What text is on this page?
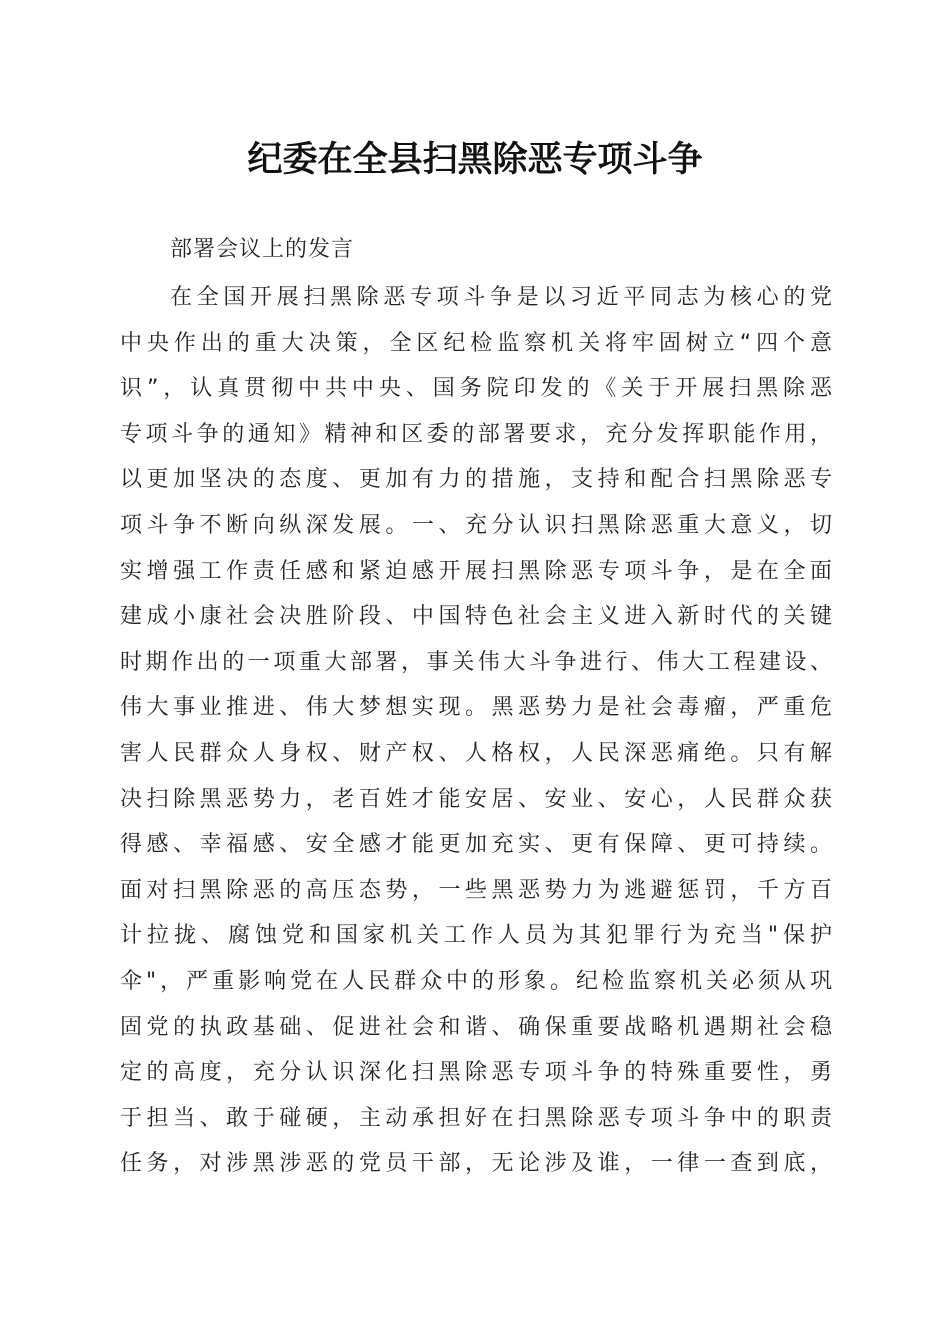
纪委在全县扫黑除恶专项斗争
部署会议上的发言
在全国开展扫黑除恶专项斗争是以习近平同志为核心的党
中央作出的重大决策，全区纪检监察机关将牢固树立“四个意
识”，认真贯彻中共中央、国务院印发的《关于开展扫黑除恶
专项斗争的通知》精神和区委的部署要求，充分发挥职能作用，
以更加坚决的态度、更加有力的措施，支持和配合扫黑除恶专
项斗争不断向纵深发展。一、充分认识扫黑除恶重大意义，切
实增强工作责任感和紧迫感开展扫黑除恶专项斗争，是在全面
建成小康社会决胜阶段、中国特色社会主义进入新时代的关键
时期作出的一项重大部署，事关伟大斗争进行、伟大工程建设、
伟大事业推进、伟大梦想实现。黑恶势力是社会毒瘤，严重危
害人民群众人身权、财产权、人格权，人民深恶痛绝。只有解
决扫除黑恶势力，老百姓才能安居、安业、安心，人民群众获
得感、幸福感、安全感才能更加充实、更有保障、更可持续。
面对扫黑除恶的高压态势，一些黑恶势力为逃避惩罚，千方百
计拉拢、腐蚀党和国家机关工作人员为其犯罪行为充当"保护
伞"，严重影响党在人民群众中的形象。纪检监察机关必须从巩
固党的执政基础、促进社会和谐、确保重要战略机遇期社会稳
定的高度，充分认识深化扫黑除恶专项斗争的特殊重要性，勇
于担当、敢于碰硬，主动承担好在扫黑除恶专项斗争中的职责
任务，对涉黑涉恶的党员干部，无论涉及谁，一律一查到底，
